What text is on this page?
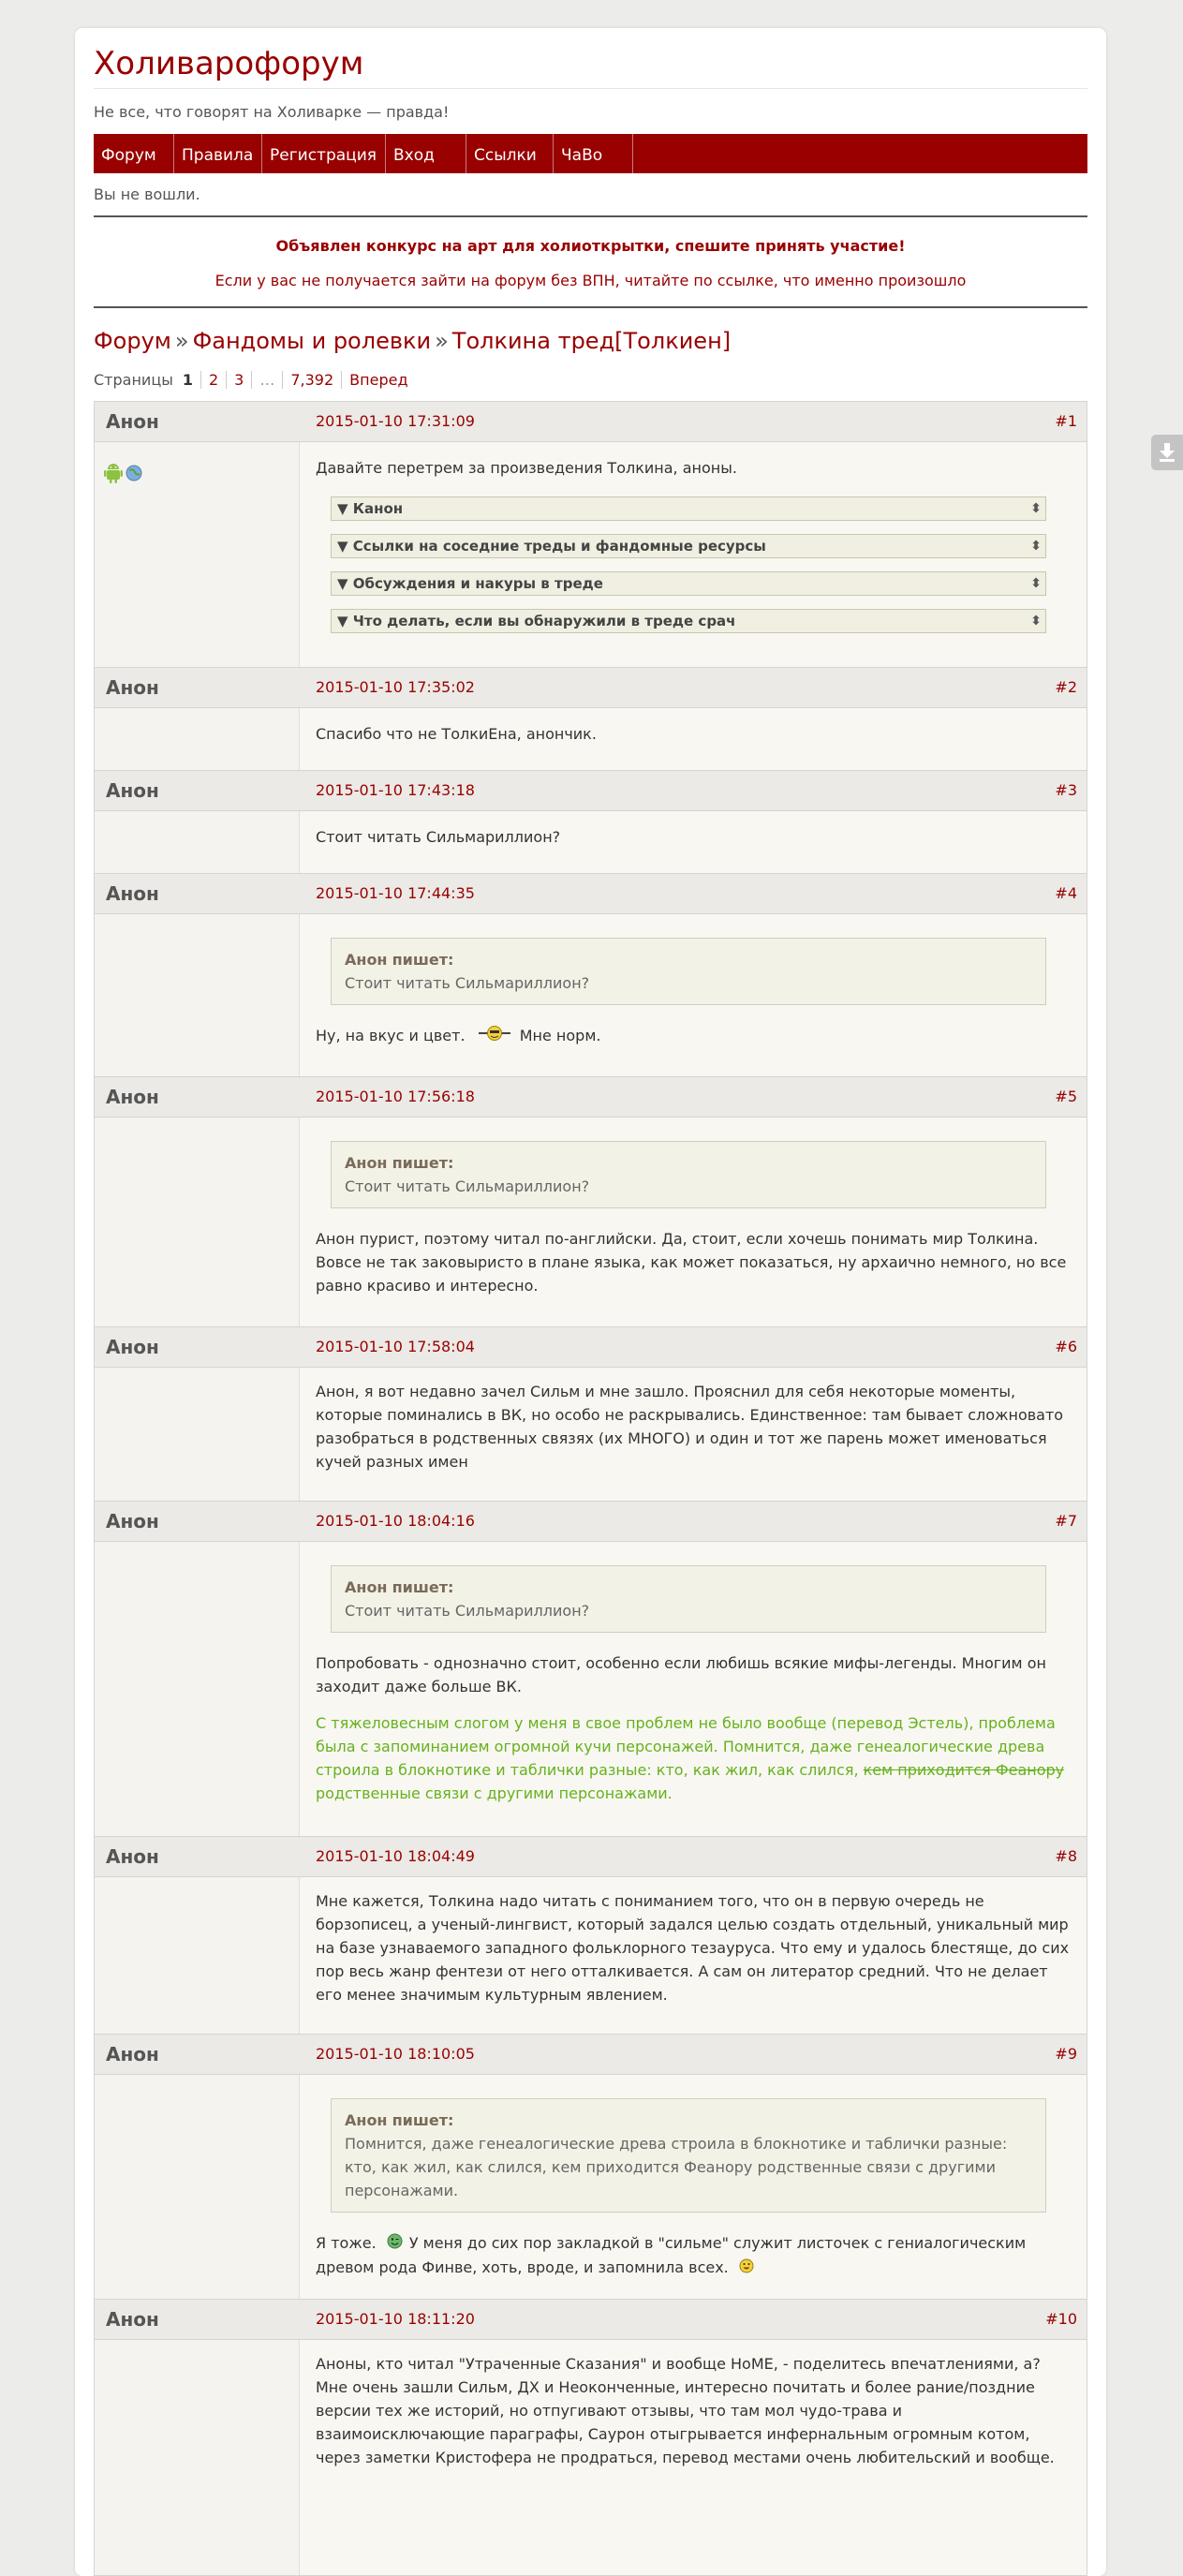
Холиварофорум
Не все, что говорят на Холиварке — правда!
Форум	Правила	Регистрация	Вход	Ссылки	ЧаВо
Вы не вошли.
Объявлен конкурс на арт для холиоткрытки, спешите принять участие!
Если у вас не получается зайти на форум без ВПН, читайте по ссылке, что именно произошло
Форум » Фандомы и ролевки » Толкина тред[Толкиен]
Страницы 1	2	3	…	7,392	Вперед
Анон	2015-01-10 17:31:09	#1

Давайте перетрем за произведения Толкина, аноны.

▼ Канон	⬍
▼ Ссылки на соседние треды и фандомные ресурсы	⬍
▼ Обсуждения и накуры в треде	⬍
▼ Что делать, если вы обнаружили в треде срач	⬍
Анон	2015-01-10 17:35:02	#2

Спасибо что не ТолкиЕна, анончик.

Анон	2015-01-10 17:43:18	#3

Стоит читать Сильмариллион?

Анон	2015-01-10 17:44:35	#4
Анон пишет:
Стоит читать Сильмариллион?

Ну, на вкус и цвет.	Мне норм.

Анон	2015-01-10 17:56:18	#5
Анон пишет:
Стоит читать Сильмариллион?

Анон пурист, поэтому читал по-английски. Да, стоит, если хочешь понимать мир Толкина. Вовсе не так заковыристо в плане языка, как может показаться, ну архаично немного, но все равно красиво и интересно.

Анон	2015-01-10 17:58:04	#6

Анон, я вот недавно зачел Сильм и мне зашло. Прояснил для себя некоторые моменты, которые поминались в ВК, но особо не раскрывались. Единственное: там бывает сложновато разобраться в родственных связях (их МНОГО) и один и тот же парень может именоваться кучей разных имен

Анон	2015-01-10 18:04:16	#7
Анон пишет:
Стоит читать Сильмариллион?

Попробовать - однозначно стоит, особенно если любишь всякие мифы-легенды. Многим он заходит даже больше ВК.

С тяжеловесным слогом у меня в свое проблем не было вообще (перевод Эстель), проблема была с запоминанием огромной кучи персонажей. Помнится, даже генеалогические древа строила в блокнотике и таблички разные: кто, как жил, как слился, кем приходится Феанору родственные связи с другими персонажами.

Анон	2015-01-10 18:04:49	#8

Мне кажется, Толкина надо читать с пониманием того, что он в первую очередь не борзописец, а ученый-лингвист, который задался целью создать отдельный, уникальный мир на базе узнаваемого западного фольклорного тезауруса. Что ему и удалось блестяще, до сих пор весь жанр фентези от него отталкивается. А сам он литератор средний. Что не делает его менее значимым культурным явлением.

Анон	2015-01-10 18:10:05	#9
Анон пишет:
Помнится, даже генеалогические древа строила в блокнотике и таблички разные: кто, как жил, как слился, кем приходится Феанору родственные связи с другими персонажами.

Я тоже. У меня до сих пор закладкой в "сильме" служит листочек с гениалогическим древом рода Финве, хоть, вроде, и запомнила всех.

Анон	2015-01-10 18:11:20	#10
Аноны, кто читал "Утраченные Сказания" и вообще HoME, - поделитесь впечатлениями, а?
Мне очень зашли Сильм, ДХ и Неоконченные, интересно почитать и более рание/поздние версии тех же историй, но отпугивают отзывы, что там мол чудо-трава и взаимоисключающие параграфы, Саурон отыгрывается инфернальным огромным котом, через заметки Кристофера не продраться, перевод местами очень любительский и вообще.
